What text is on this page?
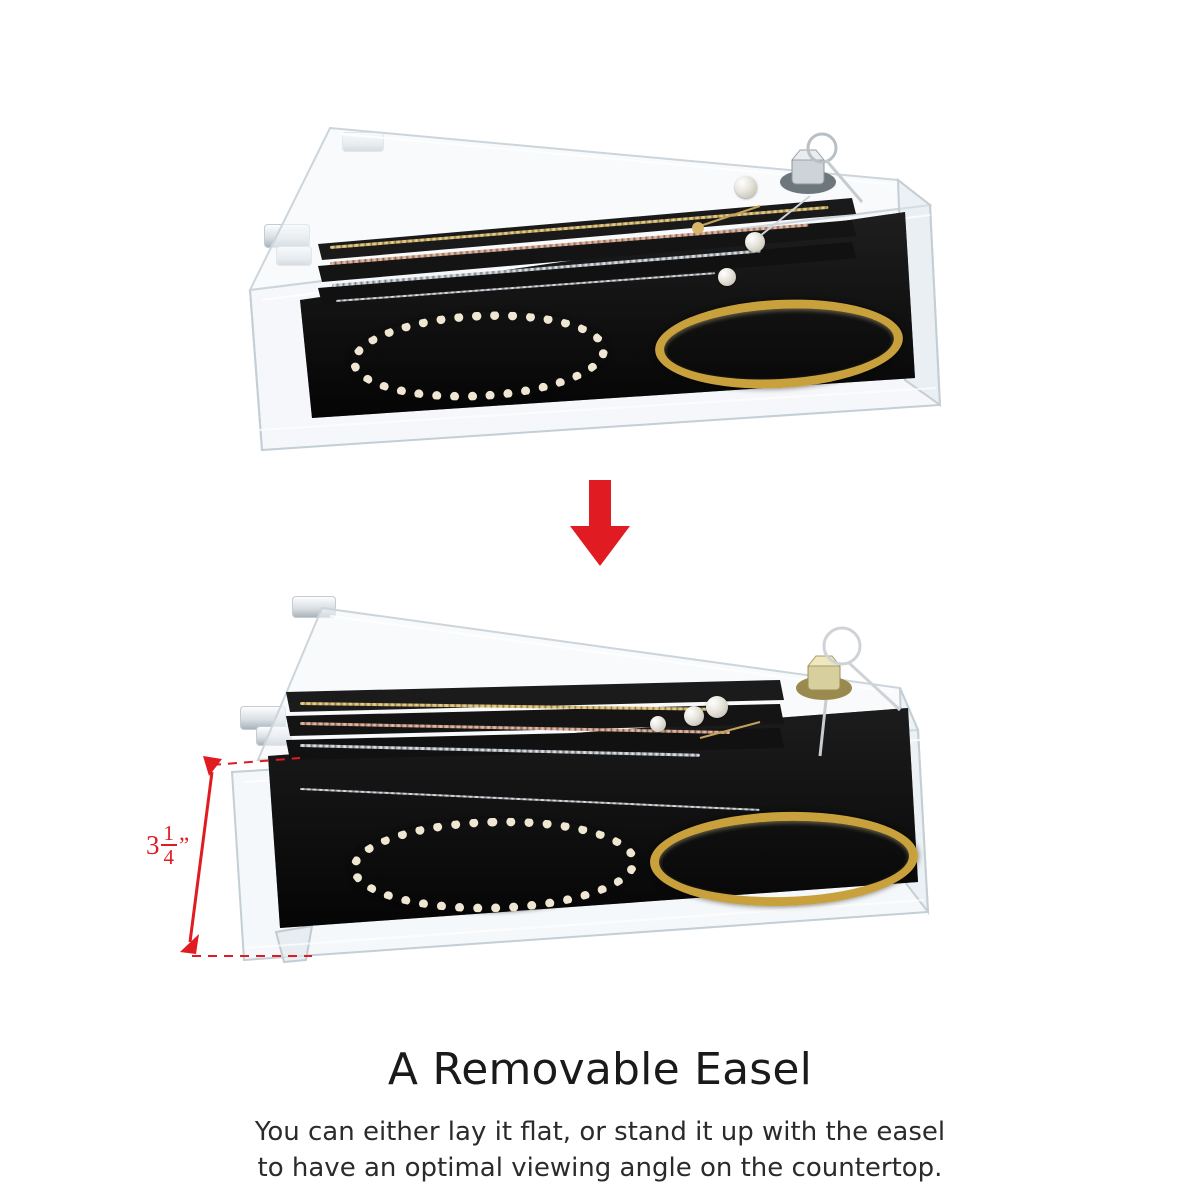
$3 \frac{1}{4}$ ”
A Removable Easel
You can either lay it flat, or stand it up with the easel
to have an optimal viewing angle on the countertop.
